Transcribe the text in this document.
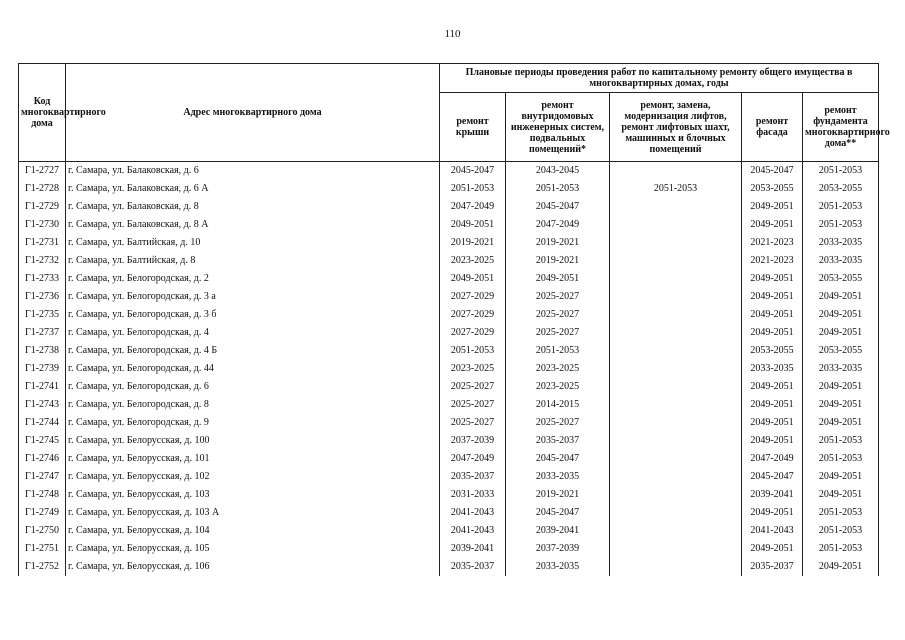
110
Код многоквартирного дома	Адрес многоквартирного дома	Плановые периоды проведения работ по капитальному ремонту общего имущества в многоквартирных домах, годы				
		ремонт крыши	ремонт внутридомовых инженерных систем, подвальных помещений*	ремонт, замена, модернизация лифтов, ремонт лифтовых шахт, машинных и блочных помещений	ремонт фасада	ремонт фундамента многоквартирного дома**
Г1-2727	г. Самара, ул. Балаковская, д. 6	2045-2047	2043-2045		2045-2047	2051-2053
Г1-2728	г. Самара, ул. Балаковская, д. 6 А	2051-2053	2051-2053	2051-2053	2053-2055	2053-2055
Г1-2729	г. Самара, ул. Балаковская, д. 8	2047-2049	2045-2047		2049-2051	2051-2053
Г1-2730	г. Самара, ул. Балаковская, д. 8 А	2049-2051	2047-2049		2049-2051	2051-2053
Г1-2731	г. Самара, ул. Балтийская, д. 10	2019-2021	2019-2021		2021-2023	2033-2035
Г1-2732	г. Самара, ул. Балтийская, д. 8	2023-2025	2019-2021		2021-2023	2033-2035
Г1-2733	г. Самара, ул. Белогородская, д. 2	2049-2051	2049-2051		2049-2051	2053-2055
Г1-2736	г. Самара, ул. Белогородская, д. 3 а	2027-2029	2025-2027		2049-2051	2049-2051
Г1-2735	г. Самара, ул. Белогородская, д. 3 б	2027-2029	2025-2027		2049-2051	2049-2051
Г1-2737	г. Самара, ул. Белогородская, д. 4	2027-2029	2025-2027		2049-2051	2049-2051
Г1-2738	г. Самара, ул. Белогородская, д. 4 Б	2051-2053	2051-2053		2053-2055	2053-2055
Г1-2739	г. Самара, ул. Белогородская, д. 44	2023-2025	2023-2025		2033-2035	2033-2035
Г1-2741	г. Самара, ул. Белогородская, д. 6	2025-2027	2023-2025		2049-2051	2049-2051
Г1-2743	г. Самара, ул. Белогородская, д. 8	2025-2027	2014-2015		2049-2051	2049-2051
Г1-2744	г. Самара, ул. Белогородская, д. 9	2025-2027	2025-2027		2049-2051	2049-2051
Г1-2745	г. Самара, ул. Белорусская, д. 100	2037-2039	2035-2037		2049-2051	2051-2053
Г1-2746	г. Самара, ул. Белорусская, д. 101	2047-2049	2045-2047		2047-2049	2051-2053
Г1-2747	г. Самара, ул. Белорусская, д. 102	2035-2037	2033-2035		2045-2047	2049-2051
Г1-2748	г. Самара, ул. Белорусская, д. 103	2031-2033	2019-2021		2039-2041	2049-2051
Г1-2749	г. Самара, ул. Белорусская, д. 103 А	2041-2043	2045-2047		2049-2051	2051-2053
Г1-2750	г. Самара, ул. Белорусская, д. 104	2041-2043	2039-2041		2041-2043	2051-2053
Г1-2751	г. Самара, ул. Белорусская, д. 105	2039-2041	2037-2039		2049-2051	2051-2053
Г1-2752	г. Самара, ул. Белорусская, д. 106	2035-2037	2033-2035		2035-2037	2049-2051
